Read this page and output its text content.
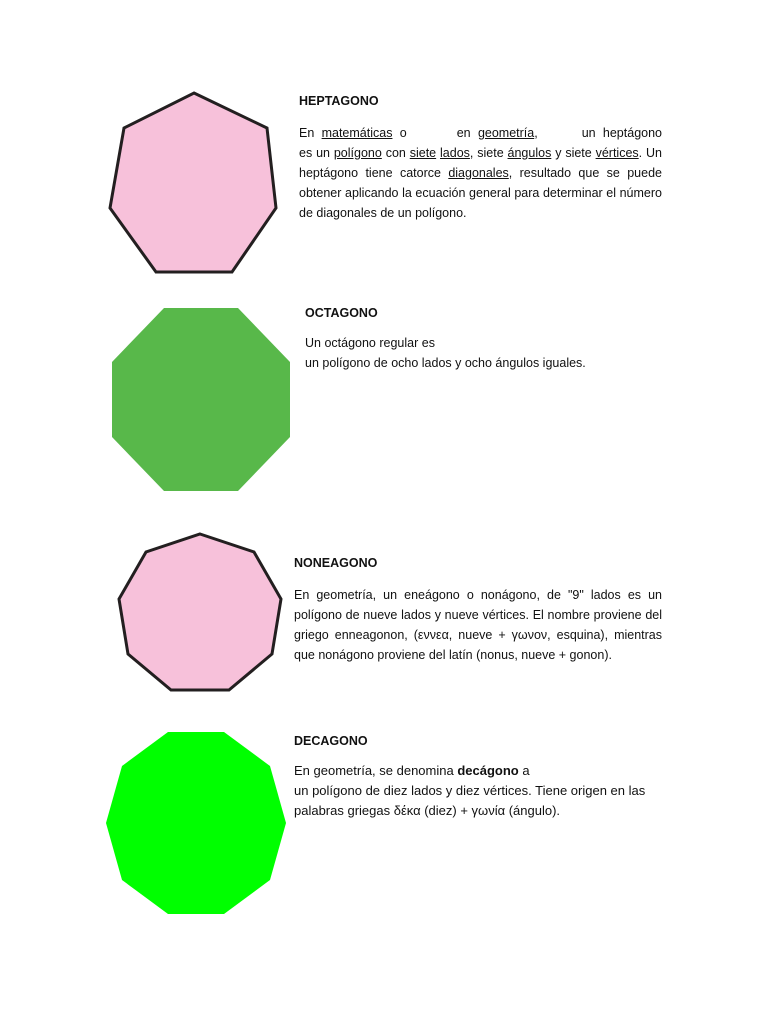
HEPTAGONO

En matemáticas o	en geometría,	un heptágono es un polígono con siete lados, siete ángulos y siete vértices. Un heptágono tiene catorce diagonales, resultado que se puede obtener aplicando la ecuación general para determinar el número de diagonales de un polígono.

OCTAGONO

Un octágono regular es
un polígono de ocho lados y ocho ángulos iguales.

NONEAGONO

En geometría, un eneágono o nonágono, de "9" lados es un polígono de nueve lados y nueve vértices. El nombre proviene del griego enneagonon, (εννεα, nueve + γωνον, esquina), mientras que nonágono proviene del latín (nonus, nueve + gonon).

DECAGONO

En geometría, se denomina decágono a
un polígono de diez lados y diez vértices. Tiene origen en las
palabras griegas δέκα (diez) + γωνία (ángulo).
